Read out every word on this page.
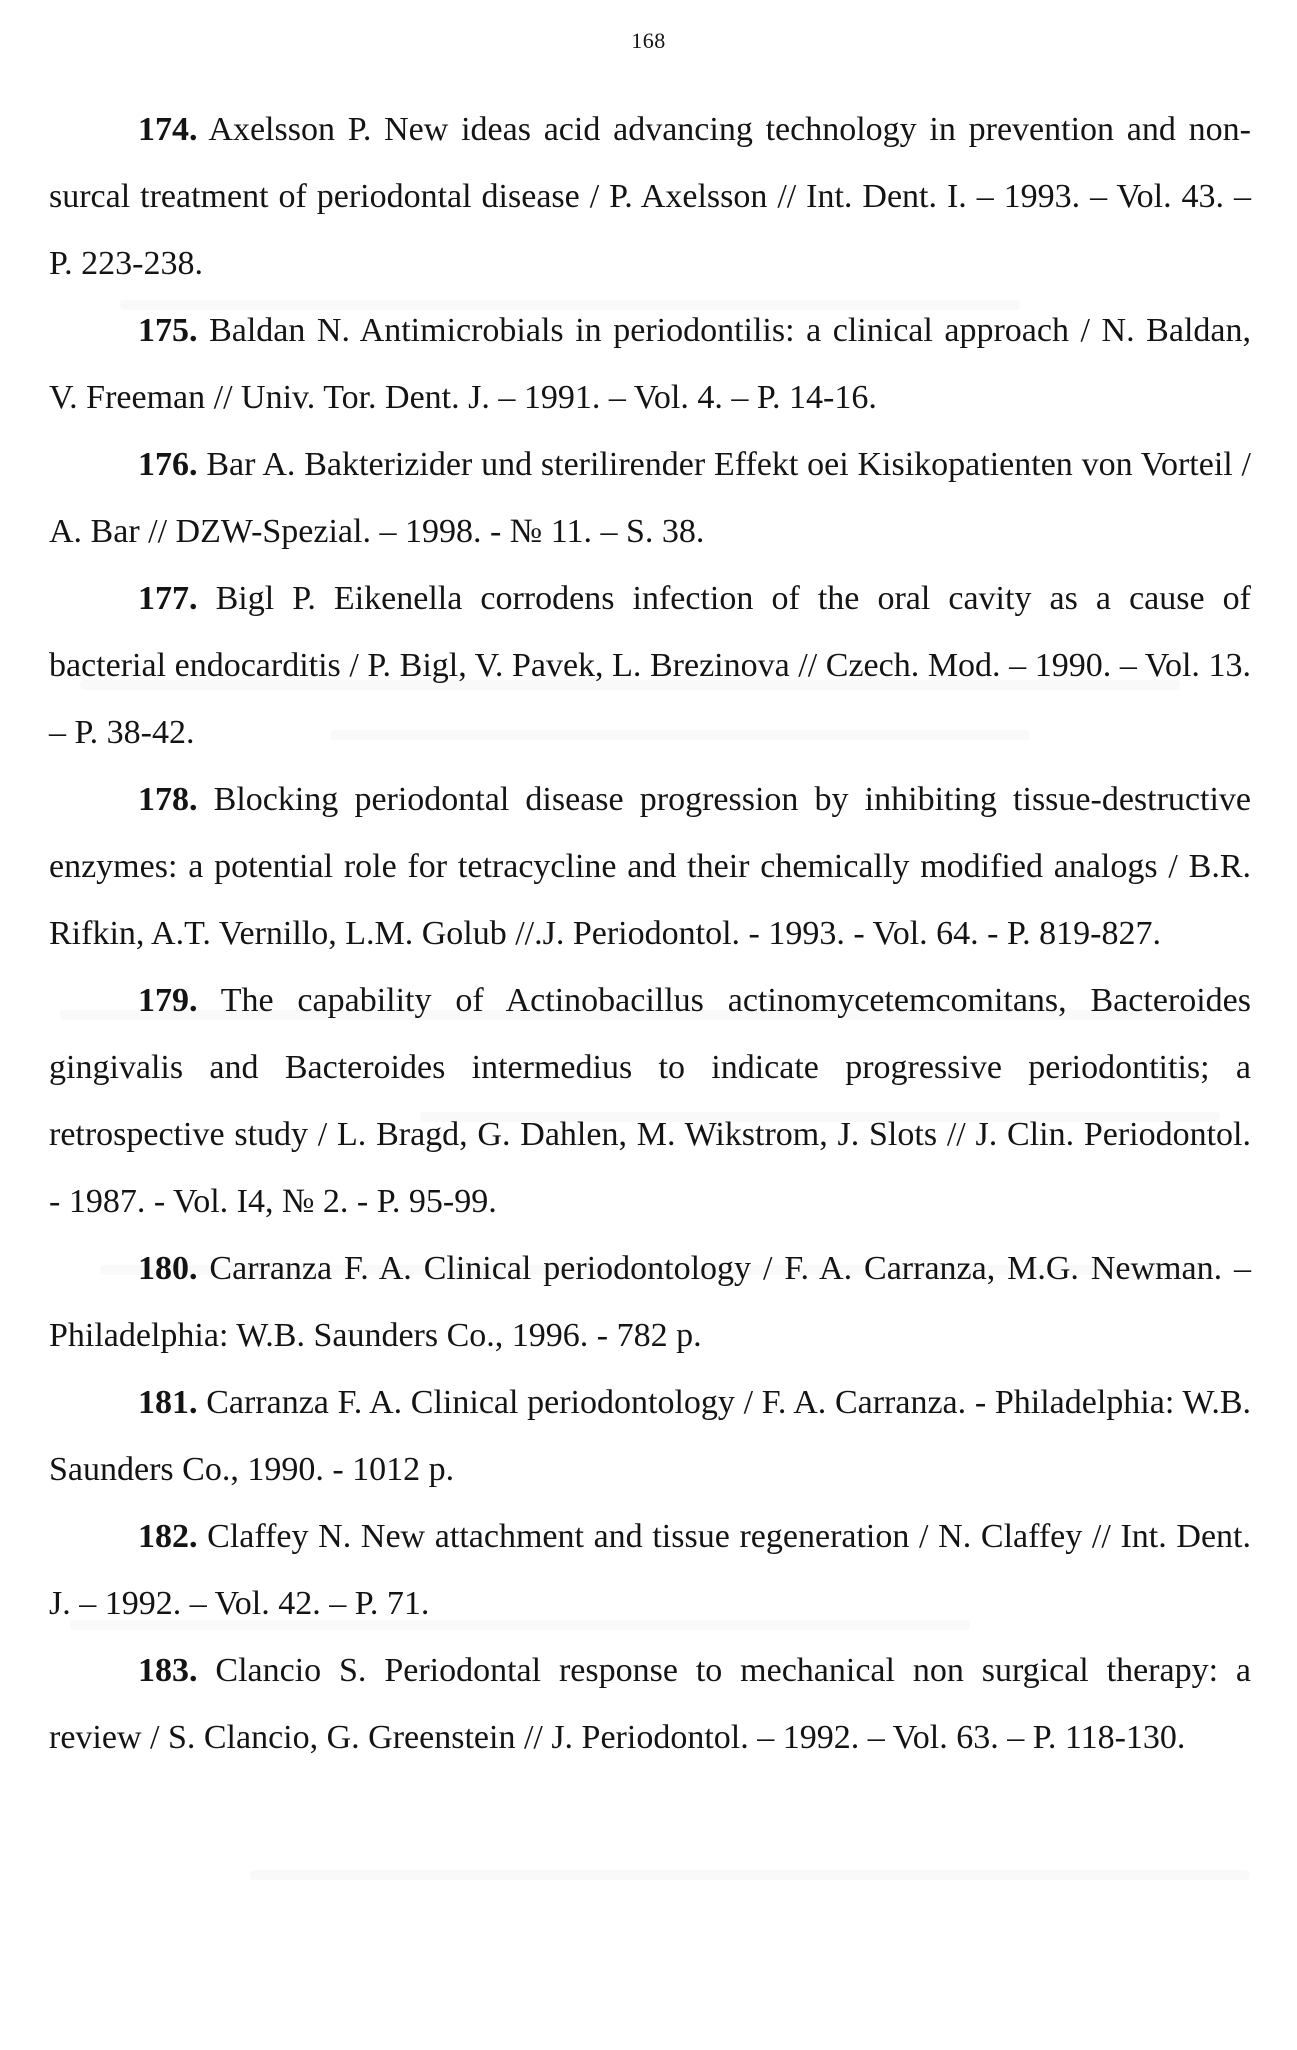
168

174. Axelsson P. New ideas acid advancing technology in prevention and non-surcal treatment of periodontal disease / P. Axelsson // Int. Dent. I. – 1993. – Vol. 43. – P. 223-238.

175. Baldan N. Antimicrobials in periodontilis: a clinical approach / N. Baldan, V. Freeman // Univ. Tor. Dent. J. – 1991. – Vol. 4. – P. 14-16.

176. Bar A. Bakterizider und sterilirender Effekt oei Kisikopatienten von Vorteil / A. Bar // DZW-Spezial. – 1998. - № 11. – S. 38.

177. Bigl P. Eikenella corrodens infection of the oral cavity as a cause of bacterial endocarditis / P. Bigl, V. Pavek, L. Brezinova // Czech. Mod. – 1990. – Vol. 13. – P. 38-42.

178. Blocking periodontal disease progression by inhibiting tissue-destructive enzymes: a potential role for tetracycline and their chemically modified analogs / B.R. Rifkin, A.T. Vernillo, L.M. Golub //.J. Periodontol. - 1993. - Vol. 64. - P. 819-827.

179. The capability of Actinobacillus actinomycetemcomitans, Bacteroides gingivalis and Bacteroides intermedius to indicate progressive periodontitis; a retrospective study / L. Bragd, G. Dahlen, M. Wikstrom, J. Slots // J. Clin. Periodontol. - 1987. - Vol. I4, № 2. - P. 95-99.

180. Carranza F. A. Clinical periodontology / F. A. Carranza, M.G. Newman. –Philadelphia: W.B. Saunders Co., 1996. - 782 p.

181. Carranza F. A. Clinical periodontology / F. A. Carranza. - Philadelphia: W.B. Saunders Co., 1990. - 1012 p.

182. Claffey N. New attachment and tissue regeneration / N. Claffey // Int. Dent. J. – 1992. – Vol. 42. – P. 71.

183. Clancio S. Periodontal response to mechanical non surgical therapy: a review / S. Clancio, G. Greenstein // J. Periodontol. – 1992. – Vol. 63. – P. 118-130.
